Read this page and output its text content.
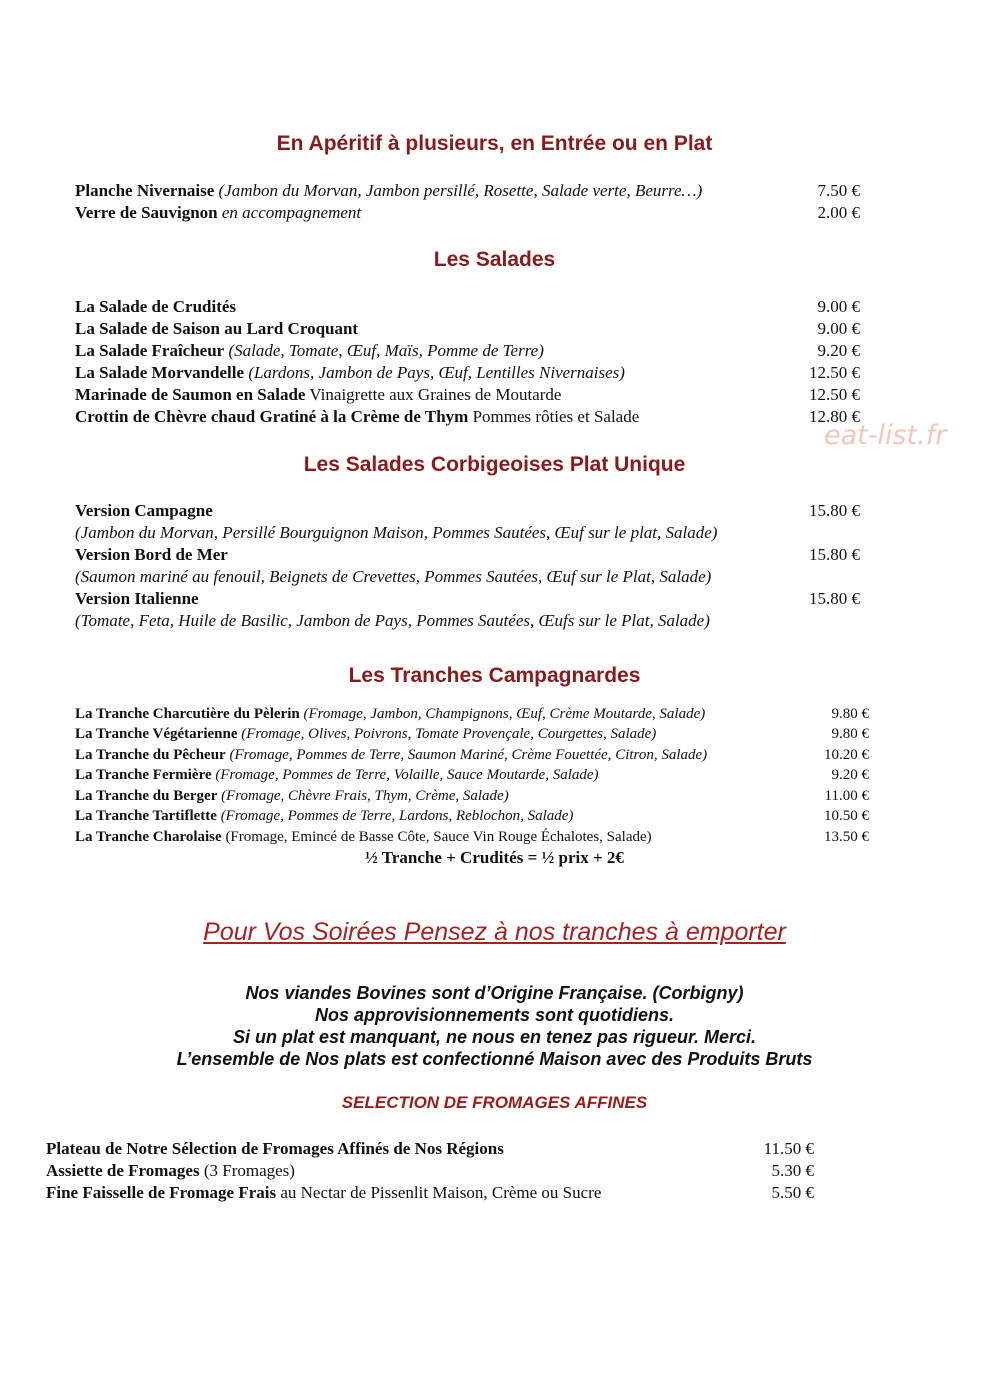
En Apéritif à plusieurs, en Entrée ou en Plat
Planche Nivernaise (Jambon du Morvan, Jambon persillé, Rosette, Salade verte, Beurre…)	7.50 €
Verre de Sauvignon en accompagnement	2.00 €
Les Salades
La Salade de Crudités	9.00 €
La Salade de Saison au Lard Croquant	9.00 €
La Salade Fraîcheur (Salade, Tomate, Œuf, Maïs, Pomme de Terre)	9.20 €
La Salade Morvandelle (Lardons, Jambon de Pays, Œuf, Lentilles Nivernaises)	12.50 €
Marinade de Saumon en Salade Vinaigrette aux Graines de Moutarde	12.50 €
Crottin de Chèvre chaud Gratiné à la Crème de Thym Pommes rôties et Salade	12.80 €
eat-list.fr
Les Salades Corbigeoises Plat Unique
Version Campagne	15.80 €
(Jambon du Morvan, Persillé Bourguignon Maison, Pommes Sautées, Œuf sur le plat, Salade)
Version Bord de Mer	15.80 €
(Saumon mariné au fenouil, Beignets de Crevettes, Pommes Sautées, Œuf sur le Plat, Salade)
Version Italienne	15.80 €
(Tomate, Feta, Huile de Basilic, Jambon de Pays, Pommes Sautées, Œufs sur le Plat, Salade)
Les Tranches Campagnardes
La Tranche Charcutière du Pèlerin (Fromage, Jambon, Champignons, Œuf, Crème Moutarde, Salade)	9.80 €
La Tranche Végétarienne (Fromage, Olives, Poivrons, Tomate Provençale, Courgettes, Salade)	9.80 €
La Tranche du Pêcheur (Fromage, Pommes de Terre, Saumon Mariné, Crème Fouettée, Citron, Salade)	10.20 €
La Tranche Fermière (Fromage, Pommes de Terre, Volaille, Sauce Moutarde, Salade)	9.20 €
La Tranche du Berger (Fromage, Chèvre Frais, Thym, Crème, Salade)	11.00 €
La Tranche Tartiflette (Fromage, Pommes de Terre, Lardons, Reblochon, Salade)	10.50 €
La Tranche Charolaise (Fromage, Emincé de Basse Côte, Sauce Vin Rouge Échalotes, Salade)	13.50 €
½ Tranche + Crudités = ½ prix + 2€
Pour Vos Soirées Pensez à nos tranches à emporter
Nos viandes Bovines sont d’Origine Française. (Corbigny)
Nos approvisionnements sont quotidiens.
Si un plat est manquant, ne nous en tenez pas rigueur. Merci.
L’ensemble de Nos plats est confectionné Maison avec des Produits Bruts
SELECTION DE FROMAGES AFFINES
Plateau de Notre Sélection de Fromages Affinés de Nos Régions	11.50 €
Assiette de Fromages (3 Fromages)	5.30 €
Fine Faisselle de Fromage Frais au Nectar de Pissenlit Maison, Crème ou Sucre	5.50 €
